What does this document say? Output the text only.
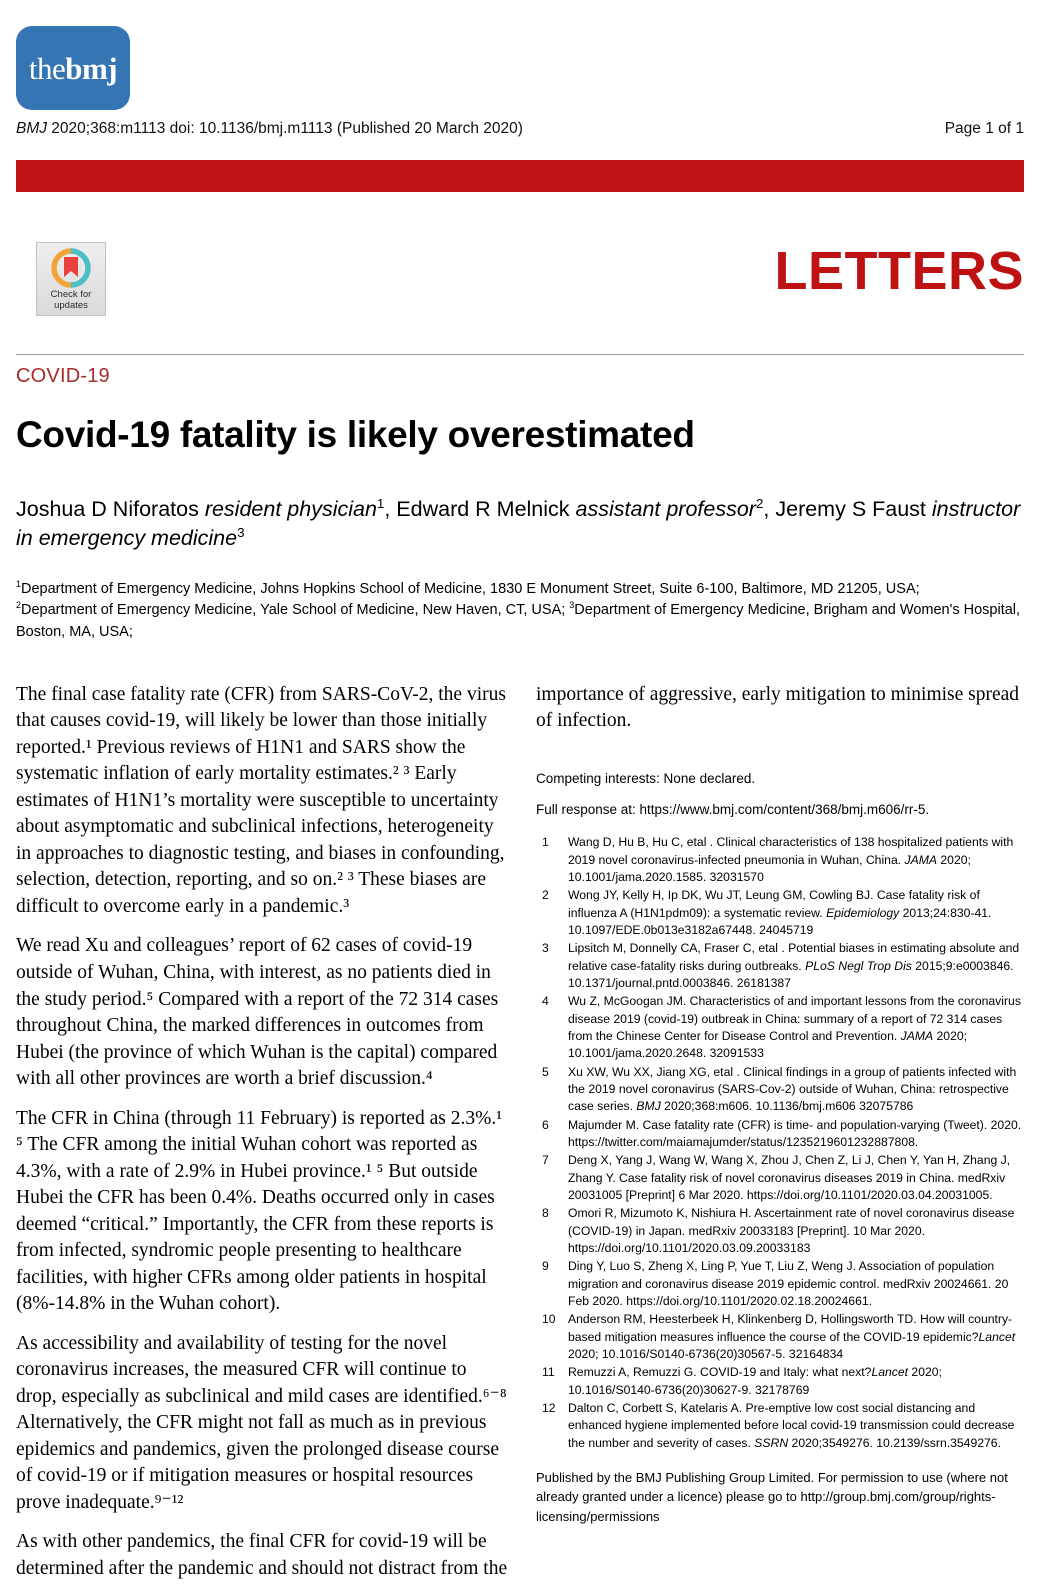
thebmj
BMJ 2020;368:m1113 doi: 10.1136/bmj.m1113 (Published 20 March 2020)	Page 1 of 1
Check for
updates
LETTERS
COVID-19
Covid-19 fatality is likely overestimated
Joshua D Niforatos resident physician$^1$, Edward R Melnick assistant professor$^2$, Jeremy S Faust instructor in emergency medicine$^3$

$^1$Department of Emergency Medicine, Johns Hopkins School of Medicine, 1830 E Monument Street, Suite 6-100, Baltimore, MD 21205, USA;

$^2$Department of Emergency Medicine, Yale School of Medicine, New Haven, CT, USA; $^3$Department of Emergency Medicine, Brigham and Women's Hospital, Boston, MA, USA;

The final case fatality rate (CFR) from SARS-CoV-2, the virus that causes covid-19, will likely be lower than those initially reported.¹ Previous reviews of H1N1 and SARS show the systematic inflation of early mortality estimates.² ³ Early estimates of H1N1’s mortality were susceptible to uncertainty about asymptomatic and subclinical infections, heterogeneity in approaches to diagnostic testing, and biases in confounding, selection, detection, reporting, and so on.² ³ These biases are difficult to overcome early in a pandemic.³

We read Xu and colleagues’ report of 62 cases of covid-19 outside of Wuhan, China, with interest, as no patients died in the study period.⁵ Compared with a report of the 72 314 cases throughout China, the marked differences in outcomes from Hubei (the province of which Wuhan is the capital) compared with all other provinces are worth a brief discussion.⁴

The CFR in China (through 11 February) is reported as 2.3%.¹ ⁵ The CFR among the initial Wuhan cohort was reported as 4.3%, with a rate of 2.9% in Hubei province.¹ ⁵ But outside Hubei the CFR has been 0.4%. Deaths occurred only in cases deemed “critical.” Importantly, the CFR from these reports is from infected, syndromic people presenting to healthcare facilities, with higher CFRs among older patients in hospital (8%-14.8% in the Wuhan cohort).

As accessibility and availability of testing for the novel coronavirus increases, the measured CFR will continue to drop, especially as subclinical and mild cases are identified.⁶⁻⁸ Alternatively, the CFR might not fall as much as in previous epidemics and pandemics, given the prolonged disease course of covid-19 or if mitigation measures or hospital resources prove inadequate.⁹⁻¹²

As with other pandemics, the final CFR for covid-19 will be determined after the pandemic and should not distract from the

importance of aggressive, early mitigation to minimise spread of infection.

Competing interests: None declared.

Full response at: https://www.bmj.com/content/368/bmj.m606/rr-5.

1	Wang D, Hu B, Hu C, etal . Clinical characteristics of 138 hospitalized patients with 2019 novel coronavirus-infected pneumonia in Wuhan, China. JAMA 2020; 10.1001/jama.2020.1585. 32031570
2	Wong JY, Kelly H, Ip DK, Wu JT, Leung GM, Cowling BJ. Case fatality risk of influenza A (H1N1pdm09): a systematic review. Epidemiology 2013;24:830-41. 10.1097/EDE.0b013e3182a67448. 24045719
3	Lipsitch M, Donnelly CA, Fraser C, etal . Potential biases in estimating absolute and relative case-fatality risks during outbreaks. PLoS Negl Trop Dis 2015;9:e0003846. 10.1371/journal.pntd.0003846. 26181387
4	Wu Z, McGoogan JM. Characteristics of and important lessons from the coronavirus disease 2019 (covid-19) outbreak in China: summary of a report of 72 314 cases from the Chinese Center for Disease Control and Prevention. JAMA 2020; 10.1001/jama.2020.2648. 32091533
5	Xu XW, Wu XX, Jiang XG, etal . Clinical findings in a group of patients infected with the 2019 novel coronavirus (SARS-Cov-2) outside of Wuhan, China: retrospective case series. BMJ 2020;368:m606. 10.1136/bmj.m606 32075786
6	Majumder M. Case fatality rate (CFR) is time- and population-varying (Tweet). 2020. https://twitter.com/maiamajumder/status/1235219601232887808.
7	Deng X, Yang J, Wang W, Wang X, Zhou J, Chen Z, Li J, Chen Y, Yan H, Zhang J, Zhang Y. Case fatality risk of novel coronavirus diseases 2019 in China. medRxiv 20031005 [Preprint] 6 Mar 2020. https://doi.org/10.1101/2020.03.04.20031005.
8	Omori R, Mizumoto K, Nishiura H. Ascertainment rate of novel coronavirus disease (COVID-19) in Japan. medRxiv 20033183 [Preprint]. 10 Mar 2020. https://doi.org/10.1101/2020.03.09.20033183
9	Ding Y, Luo S, Zheng X, Ling P, Yue T, Liu Z, Weng J. Association of population migration and coronavirus disease 2019 epidemic control. medRxiv 20024661. 20 Feb 2020. https://doi.org/10.1101/2020.02.18.20024661.
10	Anderson RM, Heesterbeek H, Klinkenberg D, Hollingsworth TD. How will country-based mitigation measures influence the course of the COVID-19 epidemic?Lancet 2020; 10.1016/S0140-6736(20)30567-5. 32164834
11	Remuzzi A, Remuzzi G. COVID-19 and Italy: what next?Lancet 2020; 10.1016/S0140-6736(20)30627-9. 32178769
12	Dalton C, Corbett S, Katelaris A. Pre-emptive low cost social distancing and enhanced hygiene implemented before local covid-19 transmission could decrease the number and severity of cases. SSRN 2020;3549276. 10.2139/ssrn.3549276.
Published by the BMJ Publishing Group Limited. For permission to use (where not already granted under a licence) please go to http://group.bmj.com/group/rights-licensing/permissions
